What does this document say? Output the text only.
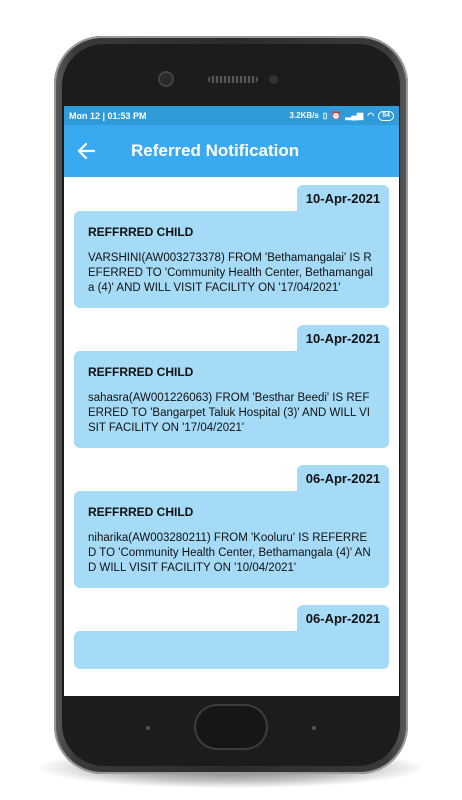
Mon 12 | 01:53 PM	3.2KB/s ▯ ⏰ ▂▄▆ ◠	54
Referred Notification
10-Apr-2021
REFFRRED CHILD
VARSHINI(AW003273378) FROM 'Bethamangalai' IS REFERRED TO 'Community Health Center, Bethamangala (4)' AND WILL VISIT FACILITY ON '17/04/2021'
10-Apr-2021
REFFRRED CHILD
sahasra(AW001226063) FROM 'Besthar Beedi' IS REFERRED TO 'Bangarpet Taluk Hospital (3)' AND WILL VISIT FACILITY ON '17/04/2021'
06-Apr-2021
REFFRRED CHILD
niharika(AW003280211) FROM 'Kooluru' IS REFERRED TO 'Community Health Center, Bethamangala (4)' AND WILL VISIT FACILITY ON '10/04/2021'
06-Apr-2021
